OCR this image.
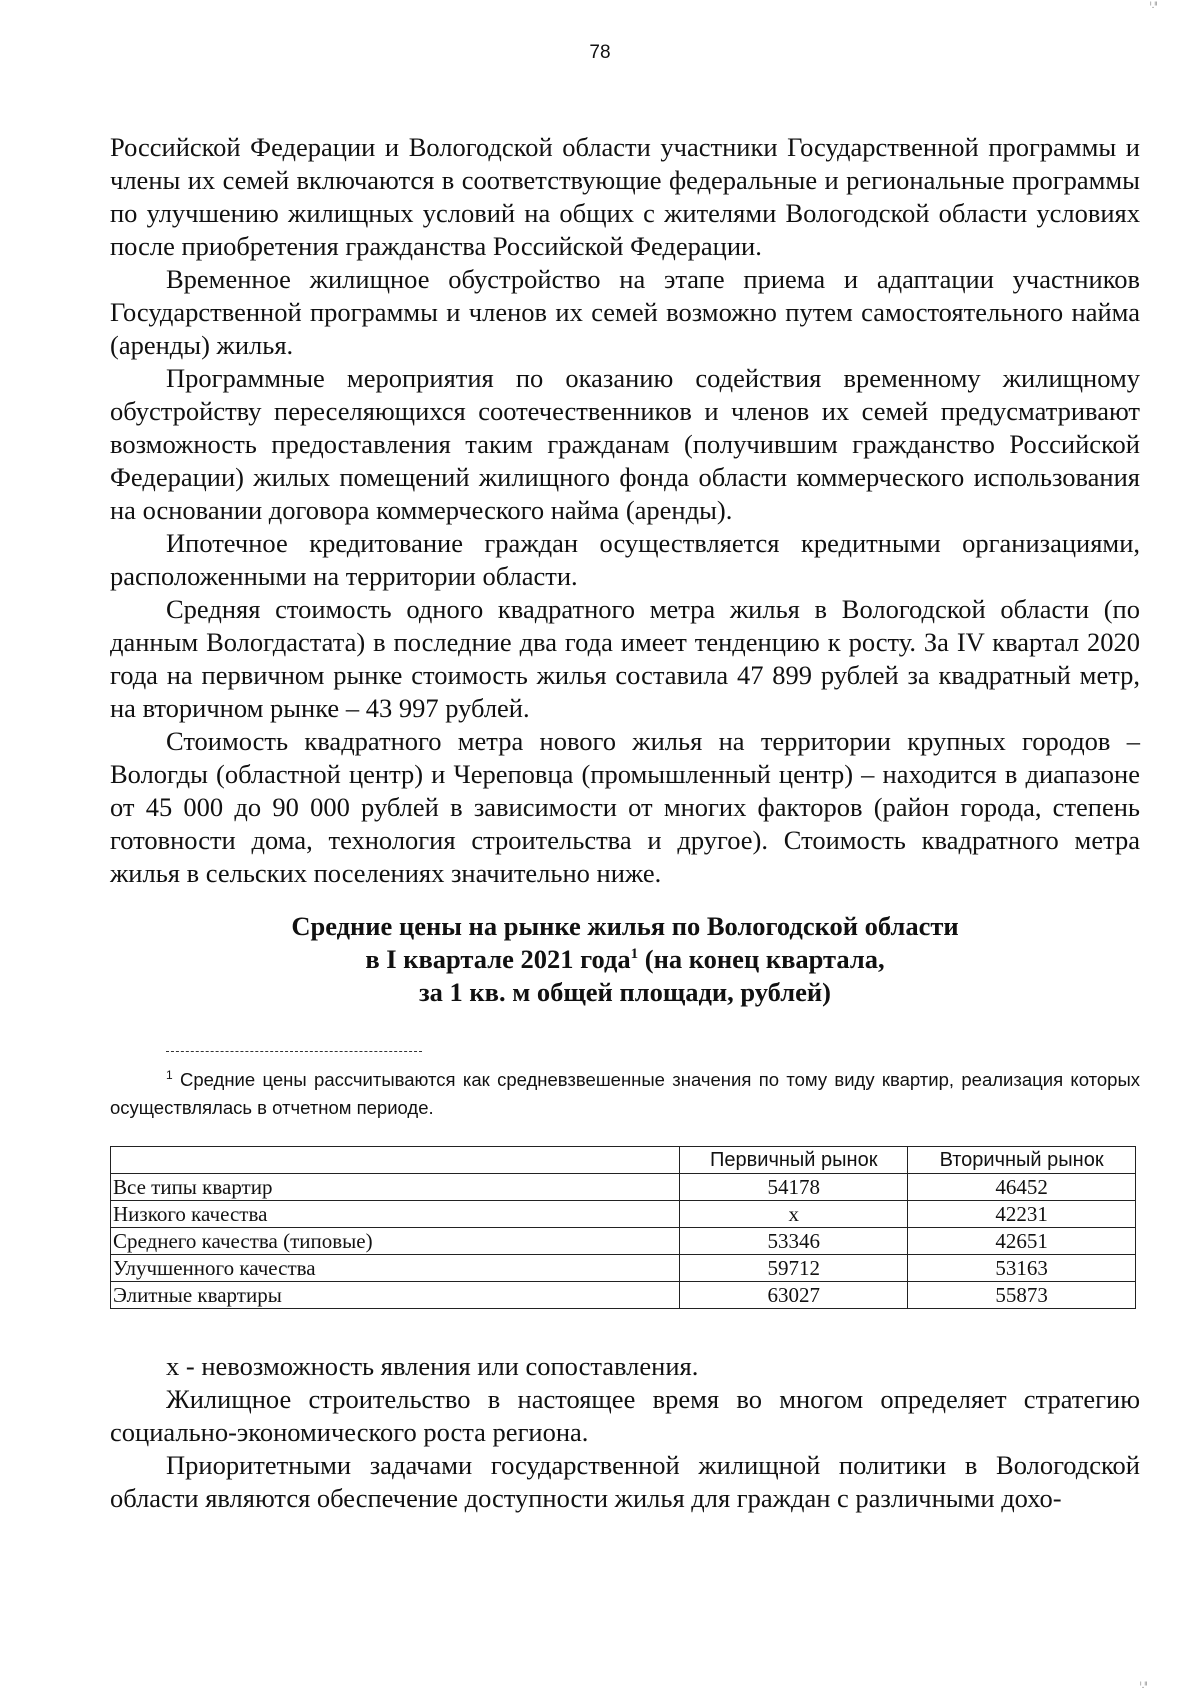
ᶦ.ᶦᶦ
78

Российской Федерации и Вологодской области участники Государственной программы и члены их семей включаются в соответствующие федеральные и региональные программы по улучшению жилищных условий на общих с жителями Вологодской области условиях после приобретения гражданства Российской Федерации.

Временное жилищное обустройство на этапе приема и адаптации участников Государственной программы и членов их семей возможно путем самостоятельного найма (аренды) жилья.

Программные мероприятия по оказанию содействия временному жилищному обустройству переселяющихся соотечественников и членов их семей предусматривают возможность предоставления таким гражданам (получившим гражданство Российской Федерации) жилых помещений жилищного фонда области коммерческого использования на основании договора коммерческого найма (аренды).

Ипотечное кредитование граждан осуществляется кредитными организациями, расположенными на территории области.

Средняя стоимость одного квадратного метра жилья в Вологодской области (по данным Вологдастата) в последние два года имеет тенденцию к росту. За IV квартал 2020 года на первичном рынке стоимость жилья составила 47 899 рублей за квадратный метр, на вторичном рынке – 43 997 рублей.

Стоимость квадратного метра нового жилья на территории крупных городов – Вологды (областной центр) и Череповца (промышленный центр) – находится в диапазоне от 45 000 до 90 000 рублей в зависимости от многих факторов (район города, степень готовности дома, технология строительства и другое). Стоимость квадратного метра жилья в сельских поселениях значительно ниже.

Средние цены на рынке жилья по Вологодской области
в I квартале 2021 года$^1$ (на конец квартала,
за 1 кв. м общей площади, рублей)
$^1$ Средние цены рассчитываются как средневзвешенные значения по тому виду квартир, реализация которых осуществлялась в отчетном периоде.
	Первичный рынок	Вторичный рынок
Все типы квартир	54178	46452
Низкого качества	x	42231
Среднего качества (типовые)	53346	42651
Улучшенного качества	59712	53163
Элитные квартиры	63027	55873

х - невозможность явления или сопоставления.

Жилищное строительство в настоящее время во многом определяет стратегию социально-экономического роста региона.

Приоритетными задачами государственной жилищной политики в Вологодской области являются обеспечение доступности жилья для граждан с различными дохо-

ᶦ.ᶦᶦ
